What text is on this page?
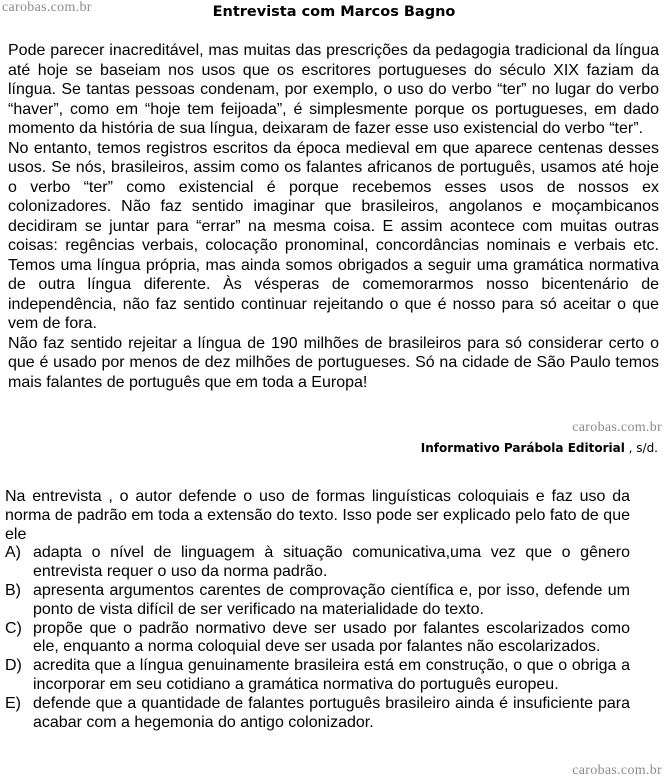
carobas.com.br	Entrevista com Marcos Bagno

Pode parecer inacreditável, mas muitas das prescrições da pedagogia tradicional da língua até hoje se baseiam nos usos que os escritores portugueses do século XIX faziam da língua. Se tantas pessoas condenam, por exemplo, o uso do verbo “ter” no lugar do verbo “haver”, como em “hoje tem feijoada”, é simplesmente porque os portugueses, em dado momento da história de sua língua, deixaram de fazer esse uso existencial do verbo “ter”.

No entanto, temos registros escritos da época medieval em que aparece centenas desses usos. Se nós, brasileiros, assim como os falantes africanos de português, usamos até hoje o verbo “ter” como existencial é porque recebemos esses usos de nossos ex colonizadores. Não faz sentido imaginar que brasileiros, angolanos e moçambicanos decidiram se juntar para “errar” na mesma coisa. E assim acontece com muitas outras coisas: regências verbais, colocação pronominal, concordâncias nominais e verbais etc. Temos uma língua própria, mas ainda somos obrigados a seguir uma gramática normativa de outra língua diferente. Às vésperas de comemorarmos nosso bicentenário de independência, não faz sentido continuar rejeitando o que é nosso para só aceitar o que vem de fora.

Não faz sentido rejeitar a língua de 190 milhões de brasileiros para só considerar certo o que é usado por menos de dez milhões de portugueses. Só na cidade de São Paulo temos mais falantes de português que em toda a Europa!

carobas.com.br
Informativo Parábola Editorial , s/d.

Na entrevista , o autor defende o uso de formas linguísticas coloquiais e faz uso da norma de padrão em toda a extensão do texto. Isso pode ser explicado pelo fato de que ele

A) adapta o nível de linguagem à situação comunicativa,uma vez que o gênero entrevista requer o uso da norma padrão.
B) apresenta argumentos carentes de comprovação científica e, por isso, defende um ponto de vista difícil de ser verificado na materialidade do texto.
C) propõe que o padrão normativo deve ser usado por falantes escolarizados como ele, enquanto a norma coloquial deve ser usada por falantes não escolarizados.
D) acredita que a língua genuinamente brasileira está em construção, o que o obriga a incorporar em seu cotidiano a gramática normativa do português europeu.
E) defende que a quantidade de falantes português brasileiro ainda é insuficiente para acabar com a hegemonia do antigo colonizador.
carobas.com.br
